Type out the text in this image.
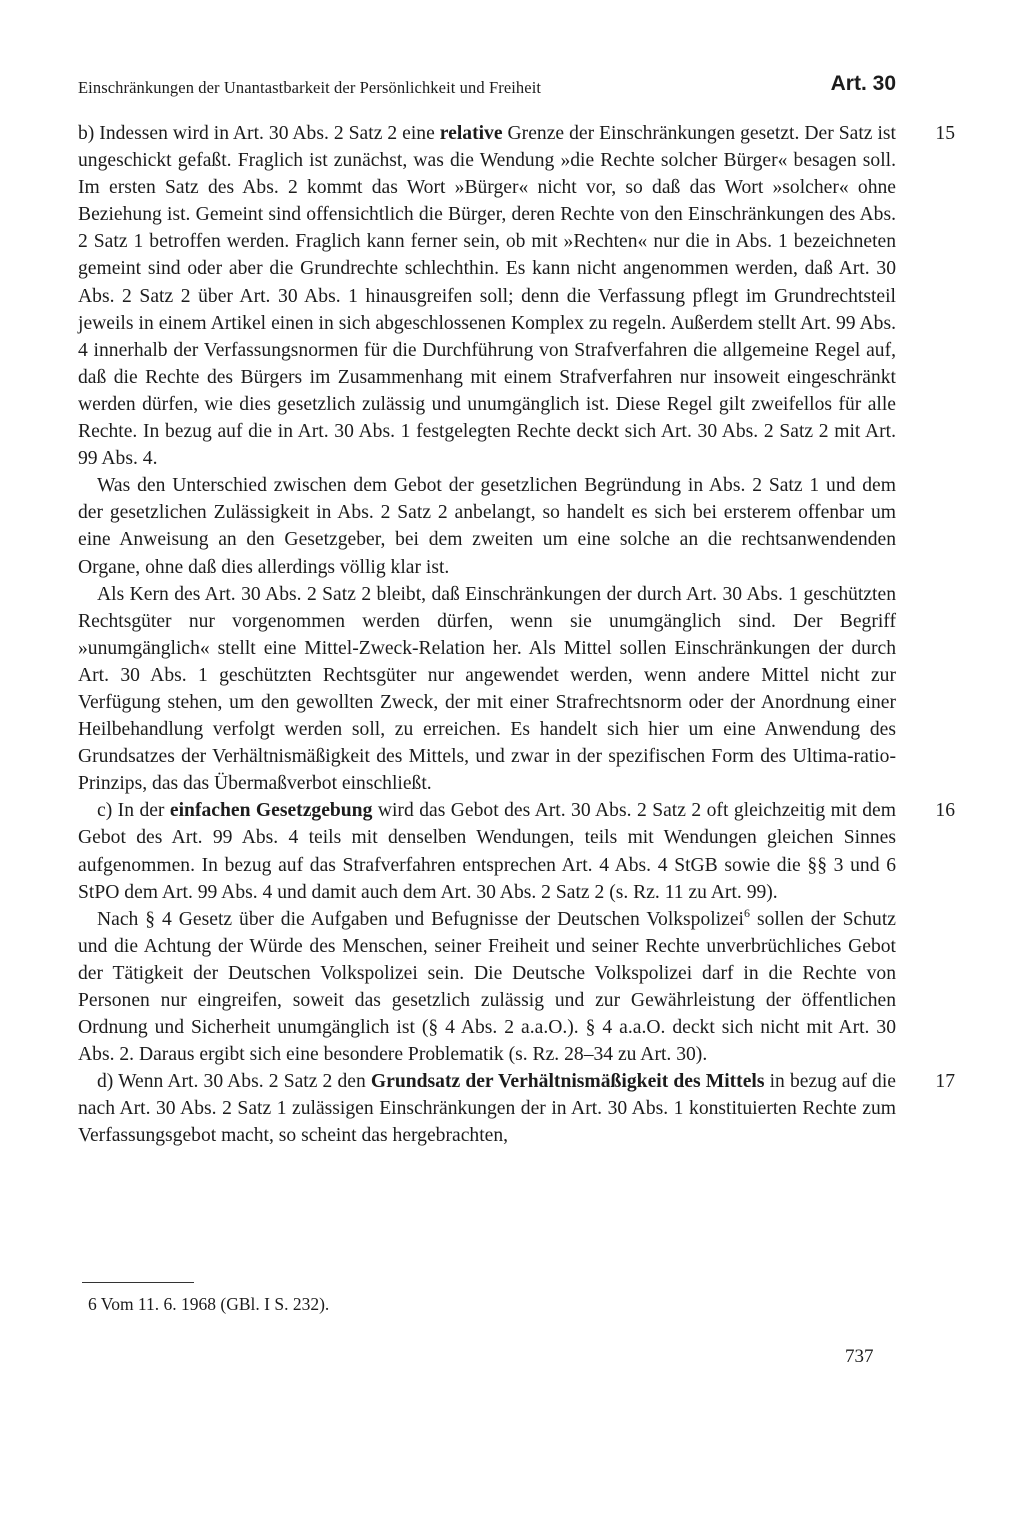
Einschränkungen der Unantastbarkeit der Persönlichkeit und Freiheit	Art. 30

15
b) Indessen wird in Art. 30 Abs. 2 Satz 2 eine relative Grenze der Einschränkungen gesetzt. Der Satz ist ungeschickt gefaßt. Fraglich ist zunächst, was die Wendung »die Rechte solcher Bürger« besagen soll. Im ersten Satz des Abs. 2 kommt das Wort »Bürger« nicht vor, so daß das Wort »solcher« ohne Beziehung ist. Gemeint sind offensichtlich die Bürger, deren Rechte von den Einschränkungen des Abs. 2 Satz 1 betroffen werden. Fraglich kann ferner sein, ob mit »Rechten« nur die in Abs. 1 bezeichneten gemeint sind oder aber die Grundrechte schlechthin. Es kann nicht angenommen werden, daß Art. 30 Abs. 2 Satz 2 über Art. 30 Abs. 1 hinausgreifen soll; denn die Verfassung pflegt im Grundrechtsteil jeweils in einem Artikel einen in sich abgeschlossenen Komplex zu regeln. Außerdem stellt Art. 99 Abs. 4 innerhalb der Verfassungsnormen für die Durchführung von Strafverfahren die allgemeine Regel auf, daß die Rechte des Bürgers im Zusammenhang mit einem Strafverfahren nur insoweit eingeschränkt werden dürfen, wie dies gesetzlich zulässig und unumgänglich ist. Diese Regel gilt zweifellos für alle Rechte. In bezug auf die in Art. 30 Abs. 1 festgelegten Rechte deckt sich Art. 30 Abs. 2 Satz 2 mit Art. 99 Abs. 4.

Was den Unterschied zwischen dem Gebot der gesetzlichen Begründung in Abs. 2 Satz 1 und dem der gesetzlichen Zulässigkeit in Abs. 2 Satz 2 anbelangt, so handelt es sich bei ersterem offenbar um eine Anweisung an den Gesetzgeber, bei dem zweiten um eine solche an die rechtsanwendenden Organe, ohne daß dies allerdings völlig klar ist.

Als Kern des Art. 30 Abs. 2 Satz 2 bleibt, daß Einschränkungen der durch Art. 30 Abs. 1 geschützten Rechtsgüter nur vorgenommen werden dürfen, wenn sie unumgänglich sind. Der Begriff »unumgänglich« stellt eine Mittel-Zweck-Relation her. Als Mittel sollen Einschränkungen der durch Art. 30 Abs. 1 geschützten Rechtsgüter nur angewendet werden, wenn andere Mittel nicht zur Verfügung stehen, um den gewollten Zweck, der mit einer Strafrechtsnorm oder der Anordnung einer Heilbehandlung verfolgt werden soll, zu erreichen. Es handelt sich hier um eine Anwendung des Grundsatzes der Verhältnismäßigkeit des Mittels, und zwar in der spezifischen Form des Ultima-ratio-Prinzips, das das Übermaßverbot einschließt.

16
c) In der einfachen Gesetzgebung wird das Gebot des Art. 30 Abs. 2 Satz 2 oft gleichzeitig mit dem Gebot des Art. 99 Abs. 4 teils mit denselben Wendungen, teils mit Wendungen gleichen Sinnes aufgenommen. In bezug auf das Strafverfahren entsprechen Art. 4 Abs. 4 StGB sowie die §§ 3 und 6 StPO dem Art. 99 Abs. 4 und damit auch dem Art. 30 Abs. 2 Satz 2 (s. Rz. 11 zu Art. 99).

Nach § 4 Gesetz über die Aufgaben und Befugnisse der Deutschen Volkspolizei$^6$ sollen der Schutz und die Achtung der Würde des Menschen, seiner Freiheit und seiner Rechte unverbrüchliches Gebot der Tätigkeit der Deutschen Volkspolizei sein. Die Deutsche Volkspolizei darf in die Rechte von Personen nur eingreifen, soweit das gesetzlich zulässig und zur Gewährleistung der öffentlichen Ordnung und Sicherheit unumgänglich ist (§ 4 Abs. 2 a.a.O.). § 4 a.a.O. deckt sich nicht mit Art. 30 Abs. 2. Daraus ergibt sich eine besondere Problematik (s. Rz. 28–34 zu Art. 30).

17
d) Wenn Art. 30 Abs. 2 Satz 2 den Grundsatz der Verhältnismäßigkeit des Mittels in bezug auf die nach Art. 30 Abs. 2 Satz 1 zulässigen Einschränkungen der in Art. 30 Abs. 1 konstituierten Rechte zum Verfassungsgebot macht, so scheint das hergebrachten,

6 Vom 11. 6. 1968 (GBl. I S. 232).
737
